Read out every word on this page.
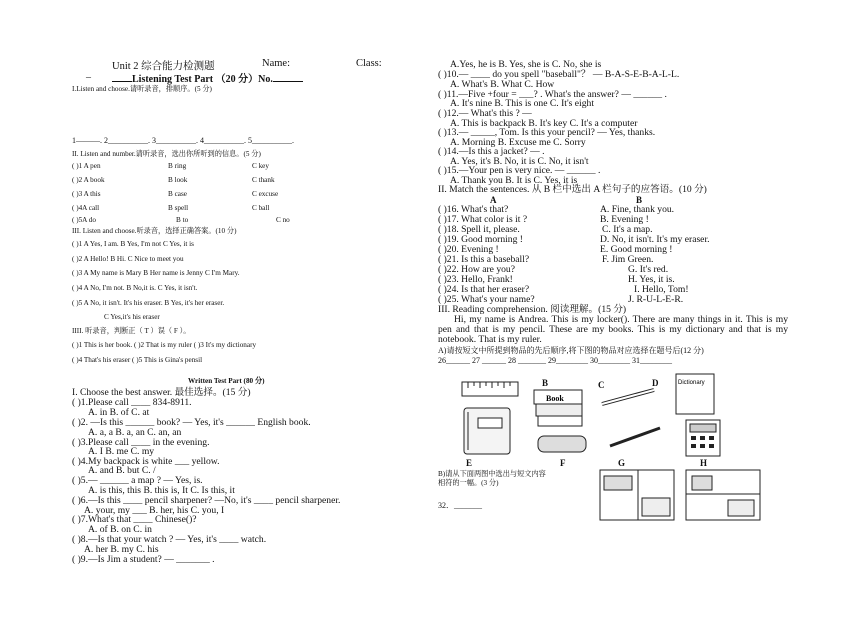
Unit 2 综合能力检测题	Name:	Class:
–	Listening Test Part （20 分）No.
I.Listen and choose.请听录音，排顺序。(5 分)
1———. 2__________. 3__________. 4__________. 5__________.
II. Listen and number.请听录音，选出你所听到的信息。(5 分)
( )1 A pen	B ring	C key
( )2 A book	B look	C thank
( )3 A this	B case	C excuse
( )4A call	B spell	C ball
( )5A do	B to	C no
III. Listen and choose.听录音，选择正确答案。(10 分)
( )1 A Yes, I am. B Yes, I'm not C Yes, it is
( )2 A Hello! B Hi. C Nice to meet you
( )3 A My name is Mary B Her name is Jenny C I'm Mary.
( )4 A No, I'm not. B No,it is. C Yes, it isn't.
( )5 A No, it isn't. It's his eraser. B Yes, it's her eraser.
C Yes,it's his eraser
IIII. 听录音，判断正（ T ）误（ F ）。
( )1 This is her book. ( )2 That is my ruler ( )3 It's my dictionary
( )4 That's his eraser ( )5 This is Gina's pensil
Written Test Part (80 分)
I. Choose the best answer. 最佳选择。(15 分)
( )1.Please call ____ 834-8911.
A. in B. of C. at
( )2. —Is this ______ book? — Yes, it's ______ English book.
A. a, a B. a, an C. an, an
( )3.Please call ____ in the evening.
A. I B. me C. my
( )4.My backpack is white ___ yellow.
A. and B. but C. /
( )5.— ______ a map ? — Yes, is.
A. is this, this B. this is, It C. Is this, it
( )6.—Is this ____ pencil sharpener? —No, it's ____ pencil sharpener.
A. your, my ___ B. her, his C. you, I
( )7.What's that ____ Chinese()?
A. of B. on C. in
( )8.—Is that your watch ? — Yes, it's ____ watch.
A. her B. my C. his
( )9.—Is Jim a student? — _______ .
A.Yes, he is B. Yes, she is C. No, she is
( )10.— ____ do you spell "baseball"？ — B-A-S-E-B-A-L-L.
A. What's B. What C. How
( )11.—Five +four = ___? . What's the answer? — ______ .
A. It's nine B. This is one C. It's eight
( )12.— What's this ? —
A. This is backpack B. It's key C. It's a computer
( )13.— _____, Tom. Is this your pencil? — Yes, thanks.
A. Morning B. Excuse me C. Sorry
( )14.—Is this a jacket? — .
A. Yes, it's B. No, it is C. No, it isn't
( )15.—Your pen is very nice. — ______ .
A. Thank you B. It is C. Yes, it is
II. Match the sentences. 从 B 栏中选出 A 栏句子的应答语。(10 分)
A	B
( )16. What's that?	A. Fine, thank you.
( )17. What color is it ?	B. Evening !
( )18. Spell it, please.	C. It's a map.
( )19. Good morning !	D. No, it isn't. It's my eraser.
( )20. Evening !	E. Good morning !
( )21. Is this a baseball?	F. Jim Green.
( )22. How are you?	G. It's red.
( )23. Hello, Frank!	H. Yes, it is.
( )24. Is that her eraser?	I. Hello, Tom!
( )25. What's your name?	J. R-U-L-E-R.
III. Reading comprehension. 阅读理解。(15 分)
Hi, my name is Andrea. This is my locker(). There are many things in it. This is my pen and that is my pencil. These are my books. This is my dictionary and that is my notebook. That is my ruler.
A)请按短文中所提到物品的先后顺序,将下图的物品对应选择在题号后(12 分)
26______ 27 ______ 28 _______ 29________ 30________ 31________
B
Book
C	D	Dictionary
E	F
B)请从下面两图中选出与短文内容相符的一幅。(3 分)
G	H
32．_______
